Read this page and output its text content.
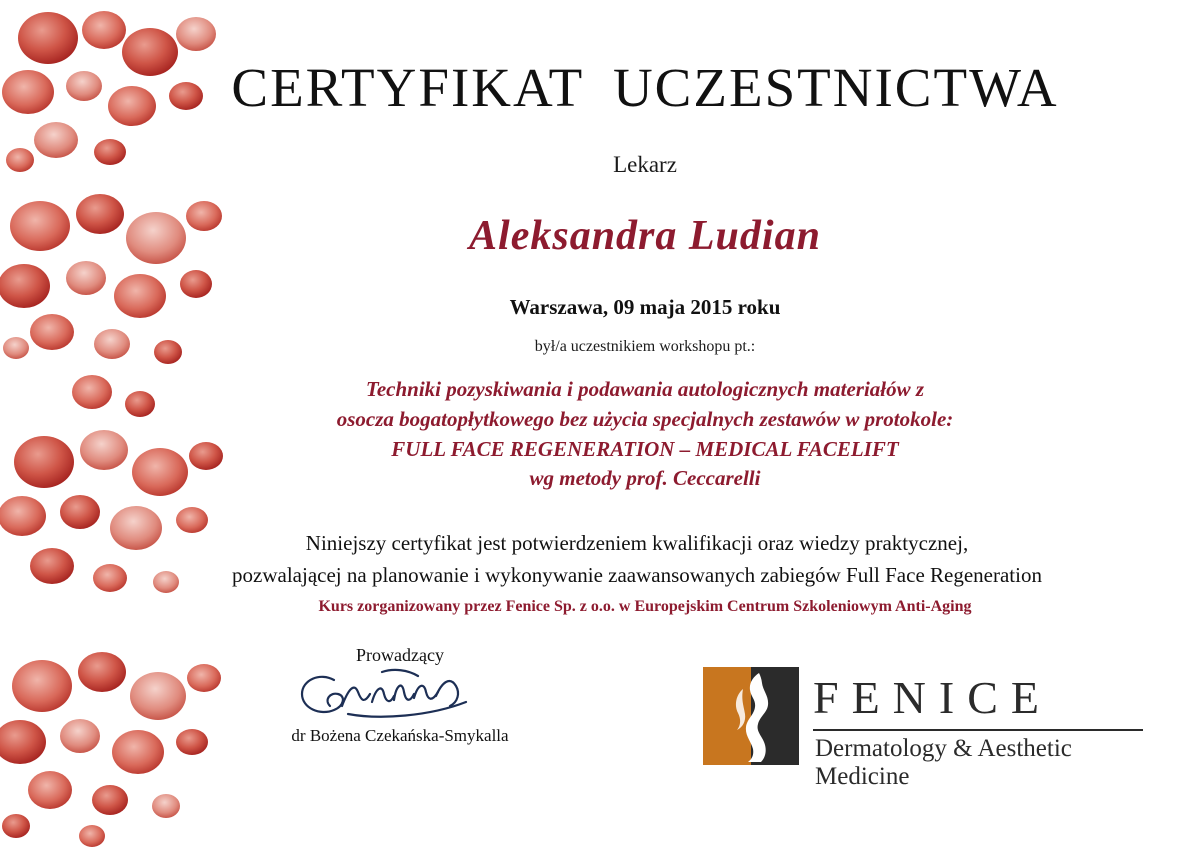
CERTYFIKAT UCZESTNICTWA
Lekarz
Aleksandra Ludian
Warszawa, 09 maja 2015 roku
był/a uczestnikiem workshopu pt.:
Techniki pozyskiwania i podawania autologicznych materiałów z
osocza bogatopłytkowego bez użycia specjalnych zestawów w protokole:
FULL FACE REGENERATION – MEDICAL FACELIFT
wg metody prof. Ceccarelli
Niniejszy certyfikat jest potwierdzeniem kwalifikacji oraz wiedzy praktycznej,
pozwalającej na planowanie i wykonywanie zaawansowanych zabiegów Full Face Regeneration
Kurs zorganizowany przez Fenice Sp. z o.o. w Europejskim Centrum Szkoleniowym Anti-Aging
Prowadzący
dr Bożena Czekańska-Smykalla
FENICE
Dermatology & Aesthetic Medicine
